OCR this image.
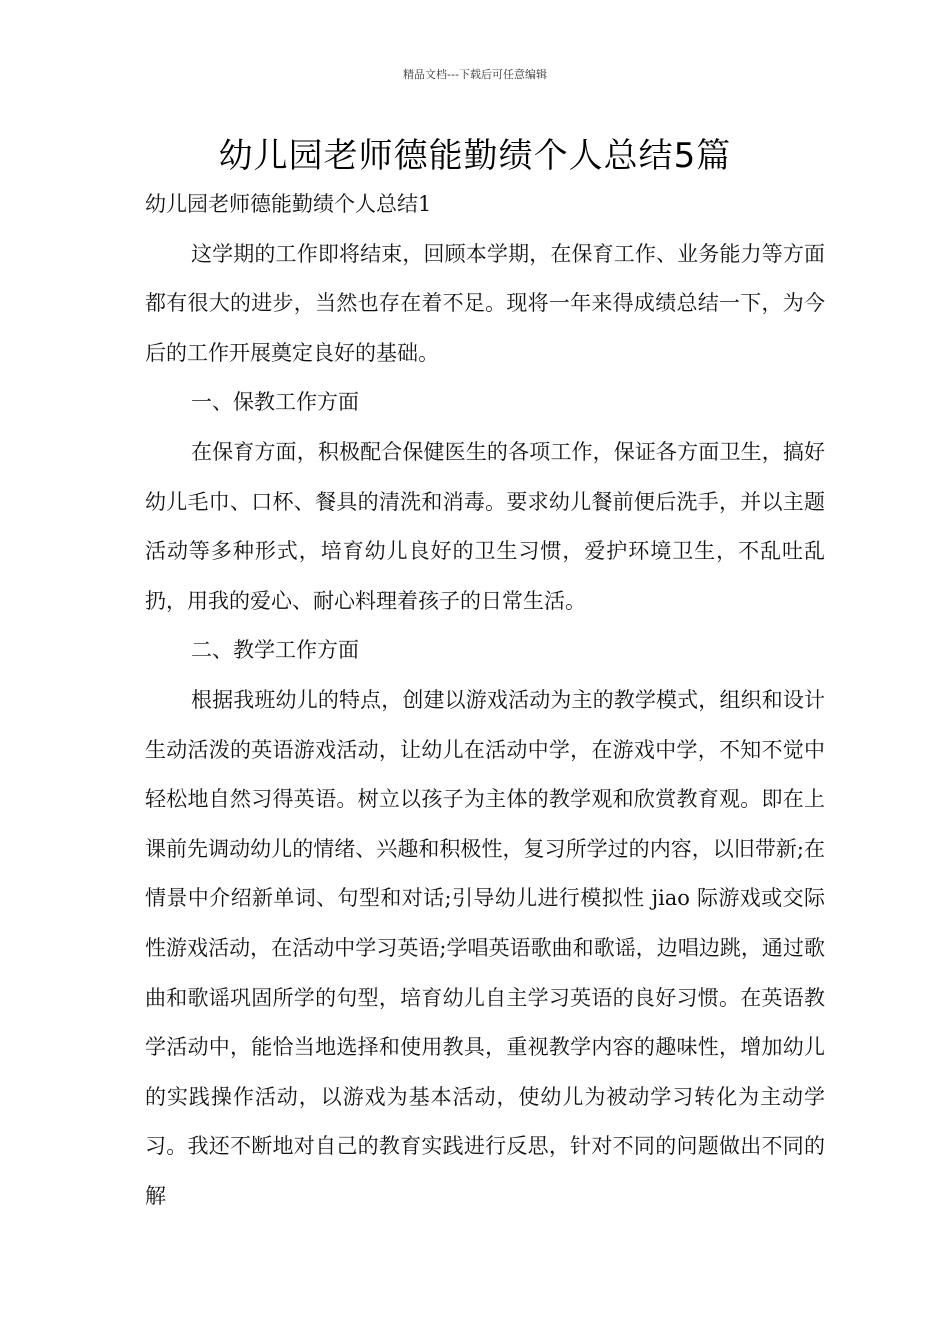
精品文档---下载后可任意编辑
幼儿园老师德能勤绩个人总结5篇

幼儿园老师德能勤绩个人总结1

这学期的工作即将结束，回顾本学期，在保育工作、业务能力等方面都有很大的进步，当然也存在着不足。现将一年来得成绩总结一下，为今后的工作开展奠定良好的基础。

一、保教工作方面

在保育方面，积极配合保健医生的各项工作，保证各方面卫生，搞好幼儿毛巾、口杯、餐具的清洗和消毒。要求幼儿餐前便后洗手，并以主题活动等多种形式，培育幼儿良好的卫生习惯，爱护环境卫生，不乱吐乱扔，用我的爱心、耐心料理着孩子的日常生活。

二、教学工作方面

根据我班幼儿的特点，创建以游戏活动为主的教学模式，组织和设计生动活泼的英语游戏活动，让幼儿在活动中学，在游戏中学，不知不觉中轻松地自然习得英语。树立以孩子为主体的教学观和欣赏教育观。即在上课前先调动幼儿的情绪、兴趣和积极性，复习所学过的内容，以旧带新;在情景中介绍新单词、句型和对话;引导幼儿进行模拟性 jiao 际游戏或交际性游戏活动，在活动中学习英语;学唱英语歌曲和歌谣，边唱边跳，通过歌曲和歌谣巩固所学的句型，培育幼儿自主学习英语的良好习惯。在英语教学活动中，能恰当地选择和使用教具，重视教学内容的趣味性，增加幼儿的实践操作活动，以游戏为基本活动，使幼儿为被动学习转化为主动学习。我还不断地对自己的教育实践进行反思，针对不同的问题做出不同的解
